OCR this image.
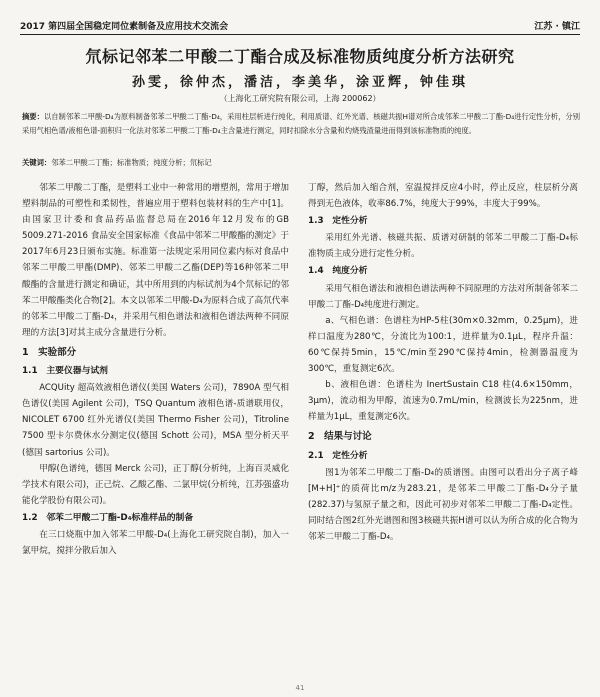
2017 第四届全国稳定同位素制备及应用技术交流会	江苏 · 镇江
氘标记邻苯二甲酸二丁酯合成及标准物质纯度分析方法研究
孙雯，徐仲杰，潘洁，李美华，涂亚辉，钟佳琪
（上海化工研究院有限公司，上海 200062）
摘要：以自制邻苯二甲酸-D₄为原料制备邻苯二甲酸二丁酯-D₄，采用柱层析进行纯化，利用质谱、红外光谱、核磁共振H谱对所合成邻苯二甲酸二丁酯-D₄进行定性分析，分别采用气相色谱/液相色谱-面积归一化法对邻苯二甲酸二丁酯-D₄主含量进行测定，同时扣除水分含量和灼烧残渣量进而得到该标准物质的纯度。
关键词：邻苯二甲酸二丁酯；标准物质；纯度分析；氘标记

邻苯二甲酸二丁酯，是塑料工业中一种常用的增塑剂，常用于增加塑料制品的可塑性和柔韧性，普遍应用于塑料包装材料的生产中[1]。由国家卫计委和食品药品监督总局在2016年12月发布的GB 5009.271-2016 食品安全国家标准《食品中邻苯二甲酸酯的测定》于2017年6月23日颁布实施。标准第一法规定采用同位素内标对食品中邻苯二甲酸二甲酯(DMP)、邻苯二甲酸二乙酯(DEP)等16种邻苯二甲酸酯的含量进行测定和确证，其中所用到的内标试剂为4个氘标记的邻苯二甲酸酯类化合物[2]。本文以邻苯二甲酸-D₄为原料合成了高氘代率的邻苯二甲酸二丁酯-D₄，并采用气相色谱法和液相色谱法两种不同原理的方法[3]对其主成分含量进行分析。

1　实验部分
1.1　主要仪器与试剂

ACQUity 超高效液相色谱仪(美国 Waters 公司)，7890A 型气相色谱仪(美国 Agilent 公司)，TSQ Quantum 液相色谱-质谱联用仪，NICOLET 6700 红外光谱仪(美国 Thermo Fisher 公司)，Titroline 7500 型卡尔费休水分测定仪(德国 Schott 公司)，MSA 型分析天平(德国 sartorius 公司)。

甲醇(色谱纯，德国 Merck 公司)，正丁醇(分析纯，上海百灵威化学技术有限公司)，正己烷、乙酸乙酯、二氯甲烷(分析纯，江苏强盛功能化学股份有限公司)。

1.2　邻苯二甲酸二丁酯-D₄标准样品的制备

在三口烧瓶中加入邻苯二甲酸-D₄(上海化工研究院自制)，加入一氯甲烷，搅拌分散后加入

丁醇，然后加入缩合剂，室温搅拌反应4小时，停止反应，柱层析分离得到无色液体，收率86.7%，纯度大于99%，丰度大于99%。

1.3　定性分析

采用红外光谱、核磁共振、质谱对研制的邻苯二甲酸二丁酯-D₄标准物质主成分进行定性分析。

1.4　纯度分析

采用气相色谱法和液相色谱法两种不同原理的方法对所制备邻苯二甲酸二丁酯-D₄纯度进行测定。

a、气相色谱：色谱柱为HP-5柱(30m×0.32mm，0.25μm)，进样口温度为280℃，分流比为100:1，进样量为0.1μL，程序升温：60℃保持5min，15℃/min至290℃保持4min，检测器温度为300℃，重复测定6次。

b、液相色谱：色谱柱为 InertSustain C18 柱(4.6×150mm，3μm)，流动相为甲醇，流速为0.7mL/min，检测波长为225nm，进样量为1μL，重复测定6次。

2　结果与讨论
2.1　定性分析

图1为邻苯二甲酸二丁酯-D₄的质谱图。由图可以看出分子离子峰[M+H]⁺的质荷比m/z为283.21，是邻苯二甲酸二丁酯-D₄分子量(282.37)与氢原子量之和，因此可初步对邻苯二甲酸二丁酯-D₄定性。同时结合图2红外光谱图和图3核磁共振H谱可以认为所合成的化合物为邻苯二甲酸二丁酯-D₄。

41
